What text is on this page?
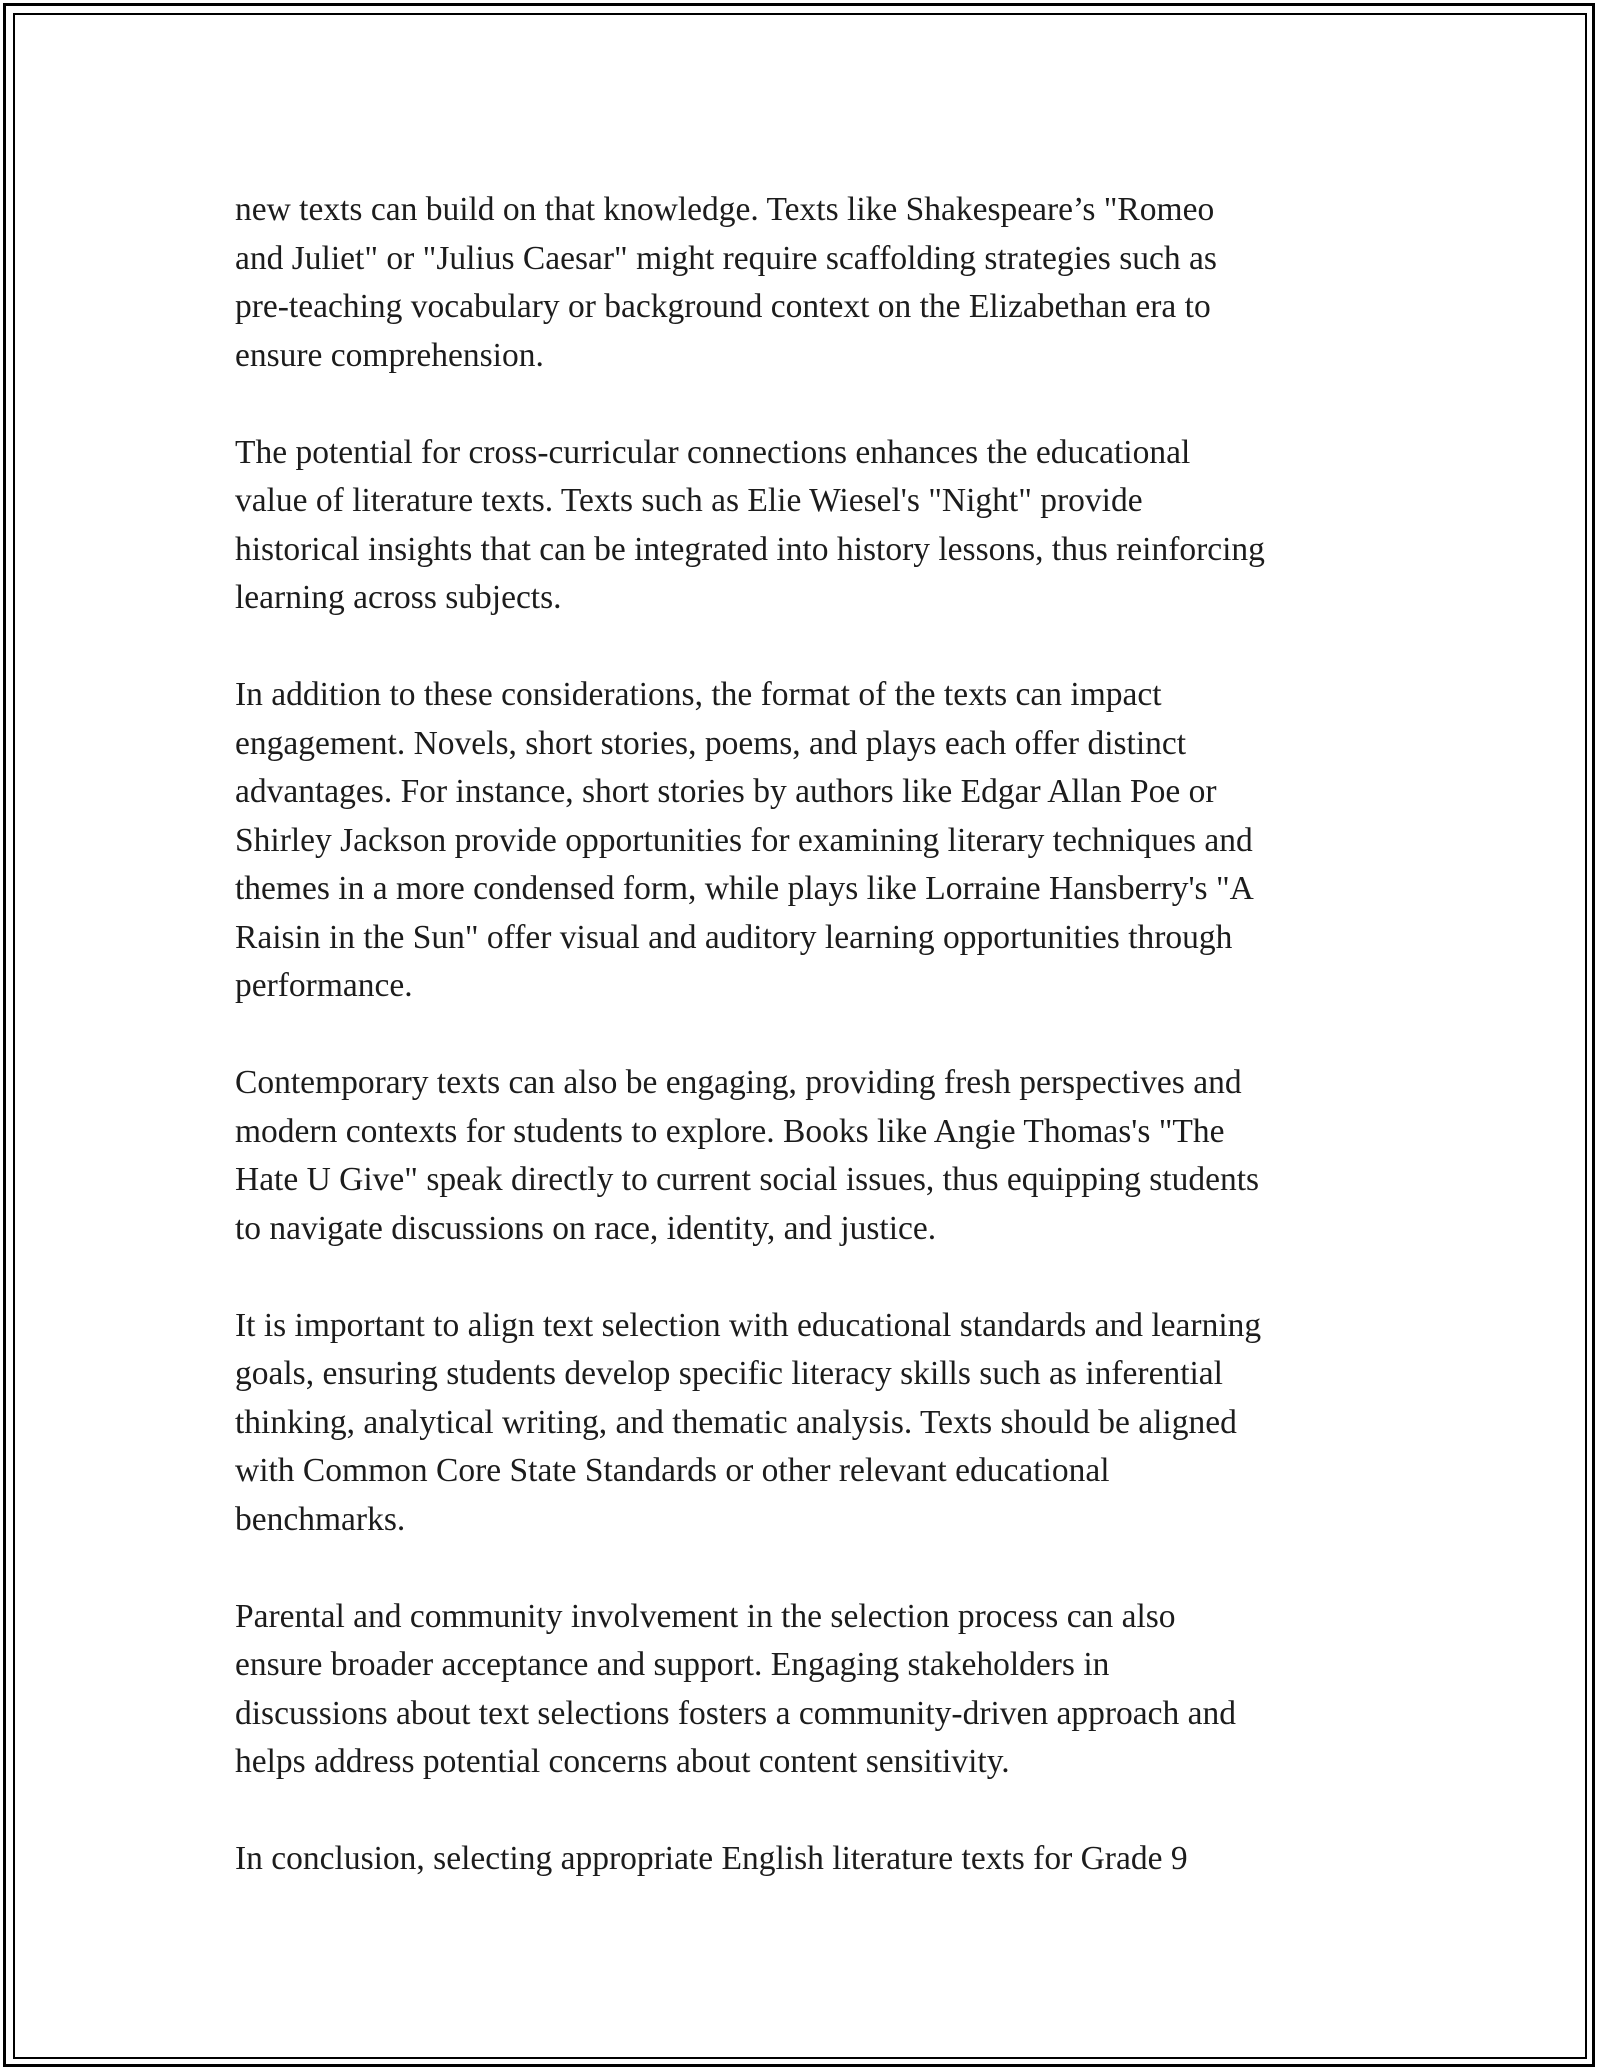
new texts can build on that knowledge. Texts like Shakespeare’s "Romeo
and Juliet" or "Julius Caesar" might require scaffolding strategies such as
pre-teaching vocabulary or background context on the Elizabethan era to
ensure comprehension.

The potential for cross-curricular connections enhances the educational
value of literature texts. Texts such as Elie Wiesel's "Night" provide
historical insights that can be integrated into history lessons, thus reinforcing
learning across subjects.

In addition to these considerations, the format of the texts can impact
engagement. Novels, short stories, poems, and plays each offer distinct
advantages. For instance, short stories by authors like Edgar Allan Poe or
Shirley Jackson provide opportunities for examining literary techniques and
themes in a more condensed form, while plays like Lorraine Hansberry's "A
Raisin in the Sun" offer visual and auditory learning opportunities through
performance.

Contemporary texts can also be engaging, providing fresh perspectives and
modern contexts for students to explore. Books like Angie Thomas's "The
Hate U Give" speak directly to current social issues, thus equipping students
to navigate discussions on race, identity, and justice.

It is important to align text selection with educational standards and learning
goals, ensuring students develop specific literacy skills such as inferential
thinking, analytical writing, and thematic analysis. Texts should be aligned
with Common Core State Standards or other relevant educational
benchmarks.

Parental and community involvement in the selection process can also
ensure broader acceptance and support. Engaging stakeholders in
discussions about text selections fosters a community-driven approach and
helps address potential concerns about content sensitivity.

In conclusion, selecting appropriate English literature texts for Grade 9
